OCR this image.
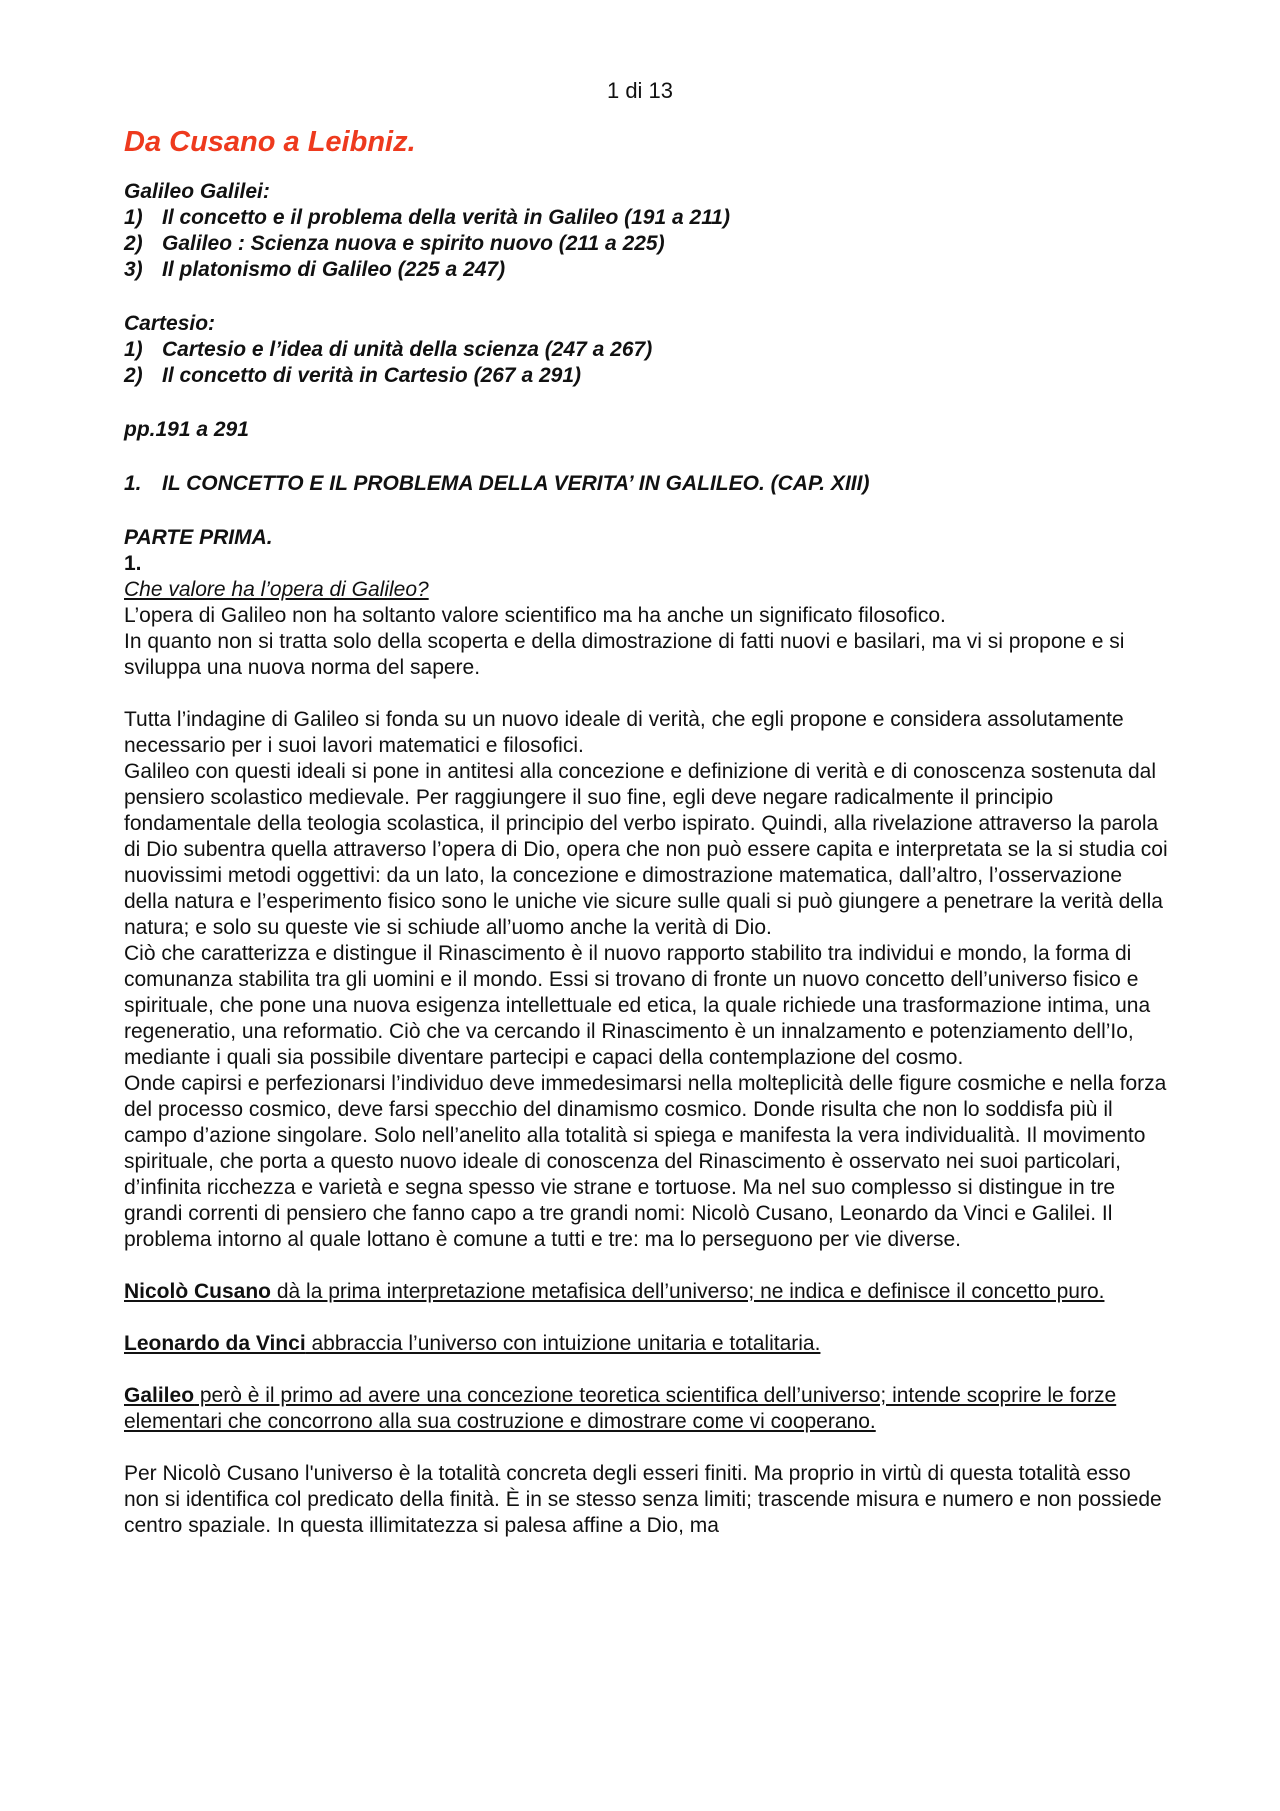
1 di 13
Da Cusano a Leibniz.
Galileo Galilei:
1) Il concetto e il problema della verità in Galileo (191 a 211)
2) Galileo : Scienza nuova e spirito nuovo (211 a 225)
3) Il platonismo di Galileo (225 a 247)
Cartesio:
1) Cartesio e l’idea di unità della scienza (247 a 267)
2) Il concetto di verità in Cartesio (267 a 291)
pp.191 a 291
1. IL CONCETTO E IL PROBLEMA DELLA VERITA’ IN GALILEO. (CAP. XIII)
PARTE PRIMA.
1.
Che valore ha l’opera di Galileo?

L’opera di Galileo non ha soltanto valore scientifico ma ha anche un significato filosofico.

In quanto non si tratta solo della scoperta e della dimostrazione di fatti nuovi e basilari, ma vi si propone e si sviluppa una nuova norma del sapere.

Tutta l’indagine di Galileo si fonda su un nuovo ideale di verità, che egli propone e considera assolutamente necessario per i suoi lavori matematici e filosofici.

Galileo con questi ideali si pone in antitesi alla concezione e definizione di verità e di conoscenza sostenuta dal pensiero scolastico medievale. Per raggiungere il suo fine, egli deve negare radicalmente il principio fondamentale della teologia scolastica, il principio del verbo ispirato. Quindi, alla rivelazione attraverso la parola di Dio subentra quella attraverso l’opera di Dio, opera che non può essere capita e interpretata se la si studia coi nuovissimi metodi oggettivi: da un lato, la concezione e dimostrazione matematica, dall’altro, l’osservazione della natura e l’esperimento fisico sono le uniche vie sicure sulle quali si può giungere a penetrare la verità della natura; e solo su queste vie si schiude all’uomo anche la verità di Dio.

Ciò che caratterizza e distingue il Rinascimento è il nuovo rapporto stabilito tra individui e mondo, la forma di comunanza stabilita tra gli uomini e il mondo. Essi si trovano di fronte un nuovo concetto dell’universo fisico e spirituale, che pone una nuova esigenza intellettuale ed etica, la quale richiede una trasformazione intima, una regeneratio, una reformatio. Ciò che va cercando il Rinascimento è un innalzamento e potenziamento dell’Io, mediante i quali sia possibile diventare partecipi e capaci della contemplazione del cosmo.

Onde capirsi e perfezionarsi l’individuo deve immedesimarsi nella molteplicità delle figure cosmiche e nella forza del processo cosmico, deve farsi specchio del dinamismo cosmico. Donde risulta che non lo soddisfa più il campo d’azione singolare. Solo nell’anelito alla totalità si spiega e manifesta la vera individualità. Il movimento spirituale, che porta a questo nuovo ideale di conoscenza del Rinascimento è osservato nei suoi particolari, d’infinita ricchezza e varietà e segna spesso vie strane e tortuose. Ma nel suo complesso si distingue in tre grandi correnti di pensiero che fanno capo a tre grandi nomi: Nicolò Cusano, Leonardo da Vinci e Galilei. Il problema intorno al quale lottano è comune a tutti e tre: ma lo perseguono per vie diverse.

Nicolò Cusano dà la prima interpretazione metafisica dell’universo; ne indica e definisce il concetto puro.

Leonardo da Vinci abbraccia l’universo con intuizione unitaria e totalitaria.

Galileo però è il primo ad avere una concezione teoretica scientifica dell’universo; intende scoprire le forze elementari che concorrono alla sua costruzione e dimostrare come vi cooperano.

Per Nicolò Cusano l'universo è la totalità concreta degli esseri finiti. Ma proprio in virtù di questa totalità esso non si identifica col predicato della finità. È in se stesso senza limiti; trascende misura e numero e non possiede centro spaziale. In questa illimitatezza si palesa affine a Dio, ma
